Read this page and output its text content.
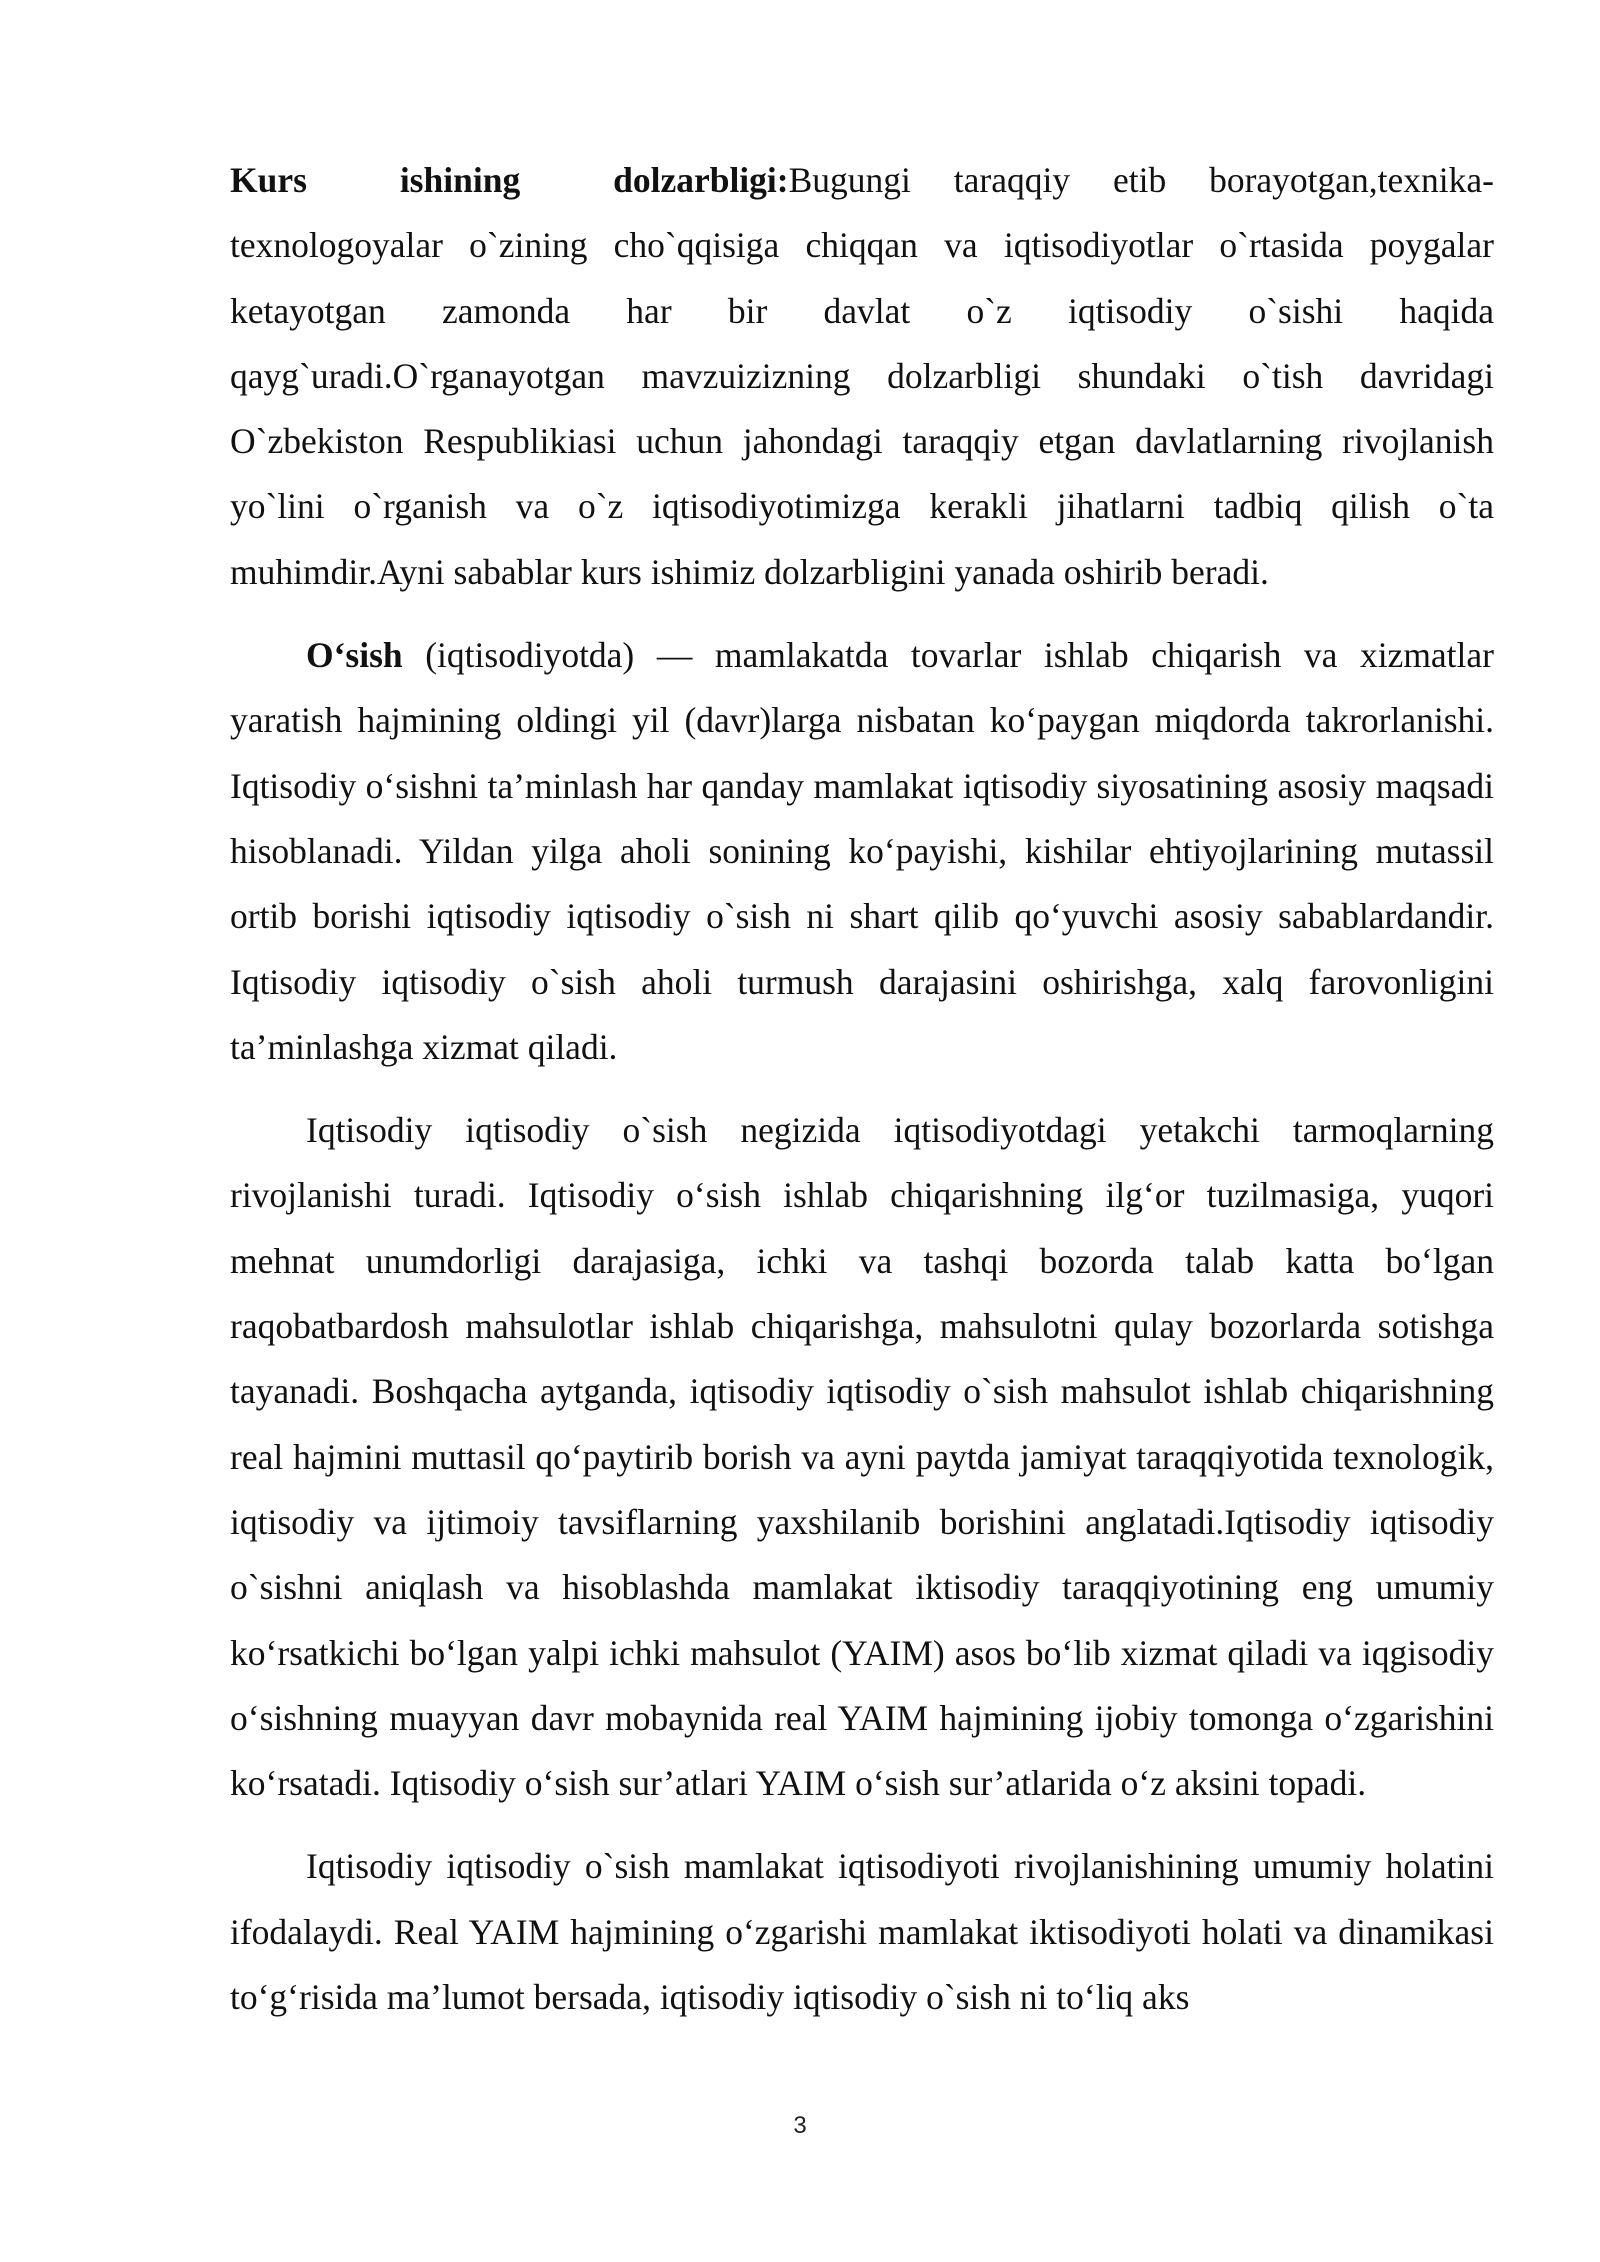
Kurs ishining dolzarbligi:Bugungi taraqqiy etib borayotgan,texnika-texnologoyalar o`zining cho`qqisiga chiqqan va iqtisodiyotlar o`rtasida poygalar ketayotgan zamonda har bir davlat o`z iqtisodiy o`sishi haqida qayg`uradi.O`rganayotgan mavzuizizning dolzarbligi shundaki o`tish davridagi O`zbekiston Respublikiasi uchun jahondagi taraqqiy etgan davlatlarning rivojlanish yo`lini o`rganish va o`z iqtisodiyotimizga kerakli jihatlarni tadbiq qilish o`ta muhimdir.Ayni sabablar kurs ishimiz dolzarbligini yanada oshirib beradi.

O‘sish (iqtisodiyotda) — mamlakatda tovarlar ishlab chiqarish va xizmatlar yaratish hajmining oldingi yil (davr)larga nisbatan ko‘paygan miqdorda takrorlanishi. Iqtisodiy o‘sishni ta’minlash har qanday mamlakat iqtisodiy siyosatining asosiy maqsadi hisoblanadi. Yildan yilga aholi sonining ko‘payishi, kishilar ehtiyojlarining mutassil ortib borishi iqtisodiy iqtisodiy o`sish ni shart qilib qo‘yuvchi asosiy sabablardandir. Iqtisodiy iqtisodiy o`sish aholi turmush darajasini oshirishga, xalq farovonligini ta’minlashga xizmat qiladi.

Iqtisodiy iqtisodiy o`sish negizida iqtisodiyotdagi yetakchi tarmoqlarning rivojlanishi turadi. Iqtisodiy o‘sish ishlab chiqarishning ilg‘or tuzilmasiga, yuqori mehnat unumdorligi darajasiga, ichki va tashqi bozorda talab katta bo‘lgan raqobatbardosh mahsulotlar ishlab chiqarishga, mahsulotni qulay bozorlarda sotishga tayanadi. Boshqacha aytganda, iqtisodiy iqtisodiy o`sish mahsulot ishlab chiqarishning real hajmini muttasil qo‘paytirib borish va ayni paytda jamiyat taraqqiyotida texnologik, iqtisodiy va ijtimoiy tavsiflarning yaxshilanib borishini anglatadi.Iqtisodiy iqtisodiy o`sishni aniqlash va hisoblashda mamlakat iktisodiy taraqqiyotining eng umumiy ko‘rsatkichi bo‘lgan yalpi ichki mahsulot (YAIM) asos bo‘lib xizmat qiladi va iqgisodiy o‘sishning muayyan davr mobaynida real YAIM hajmining ijobiy tomonga o‘zgarishini ko‘rsatadi. Iqtisodiy o‘sish sur’atlari YAIM o‘sish sur’atlarida o‘z aksini topadi.

Iqtisodiy iqtisodiy o`sish mamlakat iqtisodiyoti rivojlanishining umumiy holatini ifodalaydi. Real YAIM hajmining o‘zgarishi mamlakat iktisodiyoti holati va dinamikasi to‘g‘risida ma’lumot bersada, iqtisodiy iqtisodiy o`sish ni to‘liq aks

3
